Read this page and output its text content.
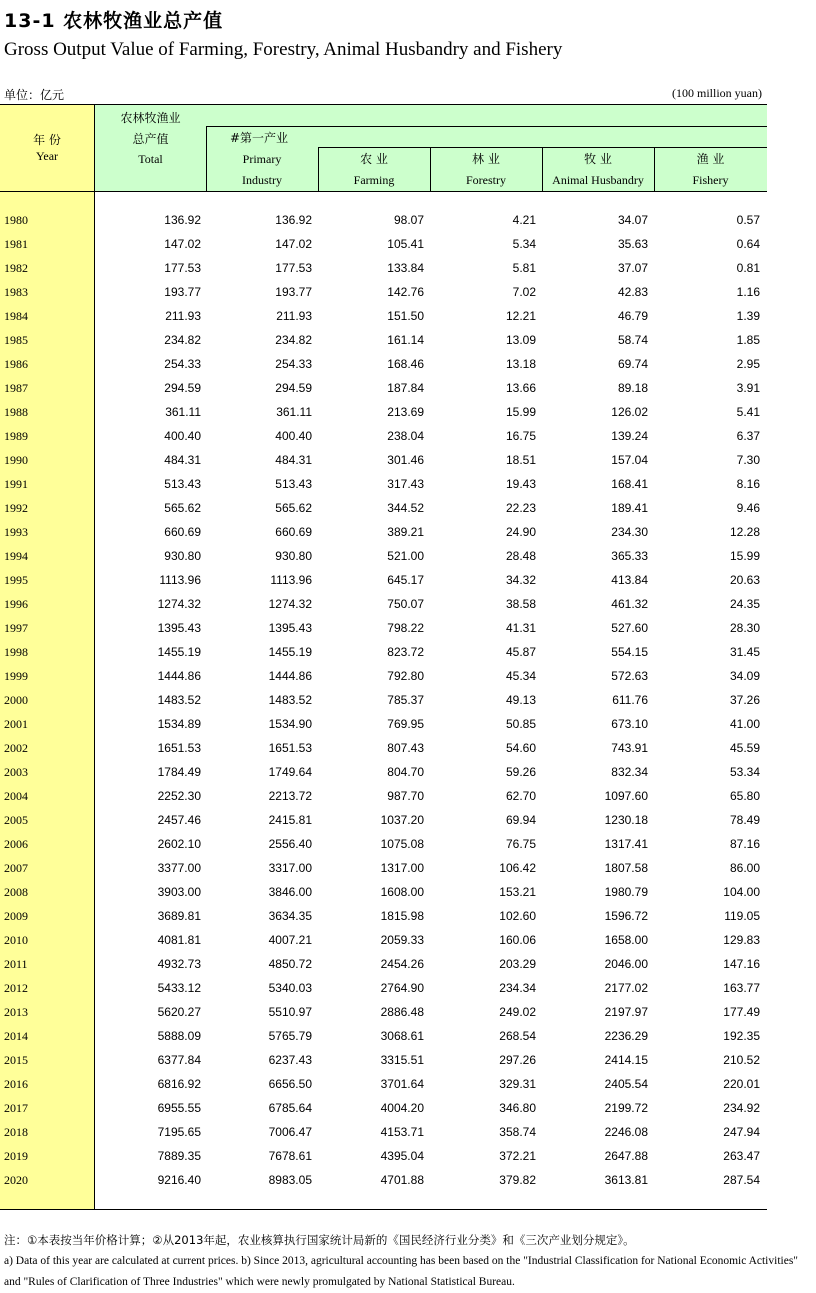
13-1 农林牧渔业总产值
Gross Output Value of Farming, Forestry, Animal Husbandry and Fishery
单位：亿元	(100 million yuan)
年 份
Year
农林牧渔业
总产值
Total
#第一产业
Primary
Industry
农 业
Farming
林 业
Forestry
牧 业
Animal Husbandry
渔 业
Fishery
1980	136.92	136.92	98.07	4.21	34.07	0.57
1981	147.02	147.02	105.41	5.34	35.63	0.64
1982	177.53	177.53	133.84	5.81	37.07	0.81
1983	193.77	193.77	142.76	7.02	42.83	1.16
1984	211.93	211.93	151.50	12.21	46.79	1.39
1985	234.82	234.82	161.14	13.09	58.74	1.85
1986	254.33	254.33	168.46	13.18	69.74	2.95
1987	294.59	294.59	187.84	13.66	89.18	3.91
1988	361.11	361.11	213.69	15.99	126.02	5.41
1989	400.40	400.40	238.04	16.75	139.24	6.37
1990	484.31	484.31	301.46	18.51	157.04	7.30
1991	513.43	513.43	317.43	19.43	168.41	8.16
1992	565.62	565.62	344.52	22.23	189.41	9.46
1993	660.69	660.69	389.21	24.90	234.30	12.28
1994	930.80	930.80	521.00	28.48	365.33	15.99
1995	1113.96	1113.96	645.17	34.32	413.84	20.63
1996	1274.32	1274.32	750.07	38.58	461.32	24.35
1997	1395.43	1395.43	798.22	41.31	527.60	28.30
1998	1455.19	1455.19	823.72	45.87	554.15	31.45
1999	1444.86	1444.86	792.80	45.34	572.63	34.09
2000	1483.52	1483.52	785.37	49.13	611.76	37.26
2001	1534.89	1534.90	769.95	50.85	673.10	41.00
2002	1651.53	1651.53	807.43	54.60	743.91	45.59
2003	1784.49	1749.64	804.70	59.26	832.34	53.34
2004	2252.30	2213.72	987.70	62.70	1097.60	65.80
2005	2457.46	2415.81	1037.20	69.94	1230.18	78.49
2006	2602.10	2556.40	1075.08	76.75	1317.41	87.16
2007	3377.00	3317.00	1317.00	106.42	1807.58	86.00
2008	3903.00	3846.00	1608.00	153.21	1980.79	104.00
2009	3689.81	3634.35	1815.98	102.60	1596.72	119.05
2010	4081.81	4007.21	2059.33	160.06	1658.00	129.83
2011	4932.73	4850.72	2454.26	203.29	2046.00	147.16
2012	5433.12	5340.03	2764.90	234.34	2177.02	163.77
2013	5620.27	5510.97	2886.48	249.02	2197.97	177.49
2014	5888.09	5765.79	3068.61	268.54	2236.29	192.35
2015	6377.84	6237.43	3315.51	297.26	2414.15	210.52
2016	6816.92	6656.50	3701.64	329.31	2405.54	220.01
2017	6955.55	6785.64	4004.20	346.80	2199.72	234.92
2018	7195.65	7006.47	4153.71	358.74	2246.08	247.94
2019	7889.35	7678.61	4395.04	372.21	2647.88	263.47
2020	9216.40	8983.05	4701.88	379.82	3613.81	287.54
注：①本表按当年价格计算；②从2013年起，农业核算执行国家统计局新的《国民经济行业分类》和《三次产业划分规定》。
a) Data of this year are calculated at current prices. b) Since 2013, agricultural accounting has been based on the "Industrial Classification for National Economic Activities" and "Rules of Clarification of Three Industries" which were newly promulgated by National Statistical Bureau.
